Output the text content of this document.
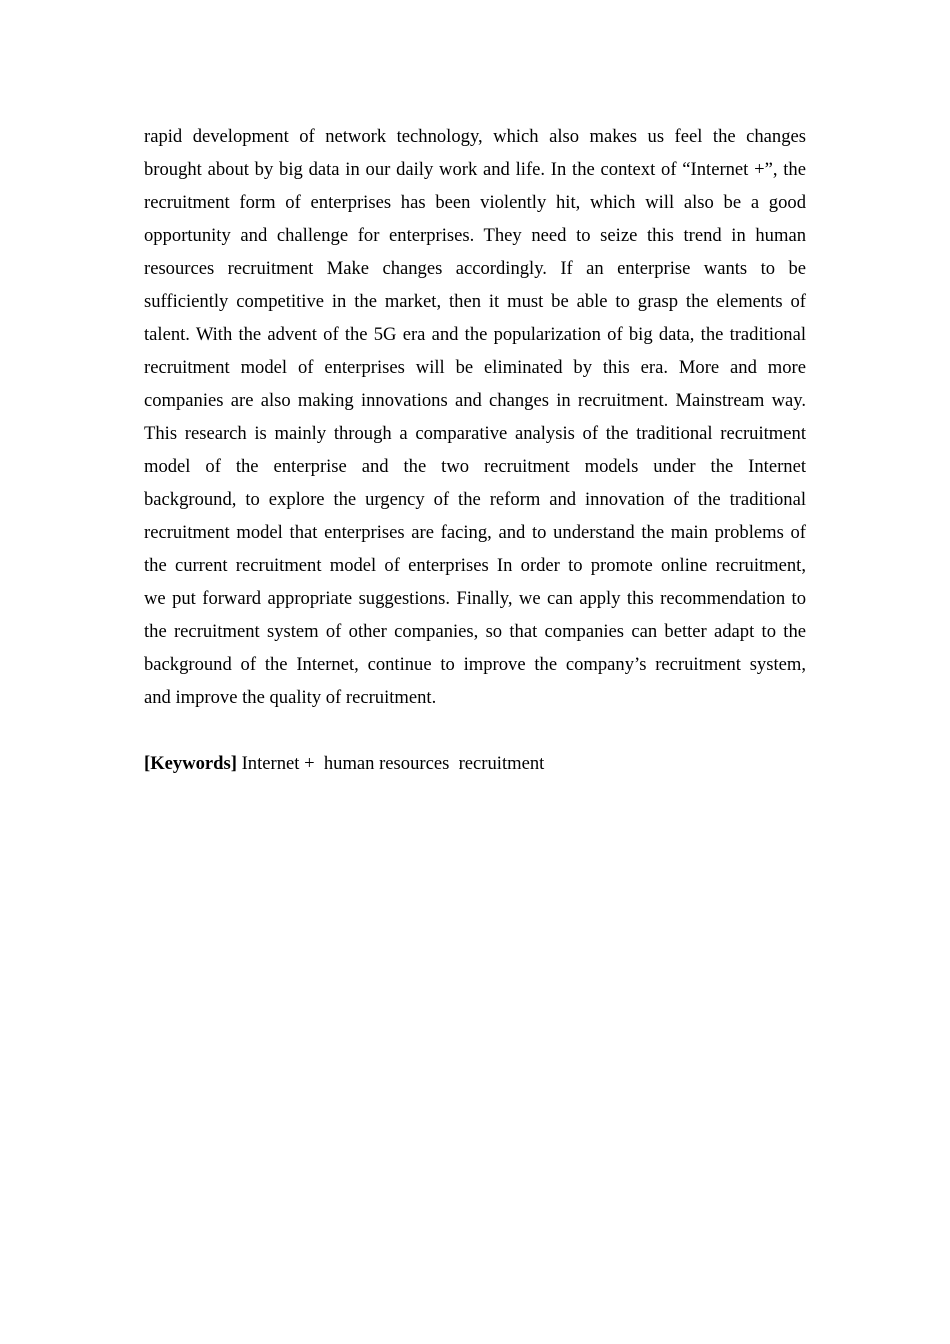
rapid development of network technology, which also makes us feel the changes
brought about by big data in our daily work and life. In the context of “Internet +”, the
recruitment form of enterprises has been violently hit, which will also be a good
opportunity and challenge for enterprises. They need to seize this trend in human
resources recruitment Make changes accordingly. If an enterprise wants to be
sufficiently competitive in the market, then it must be able to grasp the elements of
talent. With the advent of the 5G era and the popularization of big data, the traditional
recruitment model of enterprises will be eliminated by this era. More and more
companies are also making innovations and changes in recruitment. Mainstream way.
This research is mainly through a comparative analysis of the traditional recruitment
model of the enterprise and the two recruitment models under the Internet
background, to explore the urgency of the reform and innovation of the traditional
recruitment model that enterprises are facing, and to understand the main problems of
the current recruitment model of enterprises In order to promote online recruitment,
we put forward appropriate suggestions. Finally, we can apply this recommendation to
the recruitment system of other companies, so that companies can better adapt to the
background of the Internet, continue to improve the company’s recruitment system,
and improve the quality of recruitment.
[Keywords] Internet +  human resources  recruitment
